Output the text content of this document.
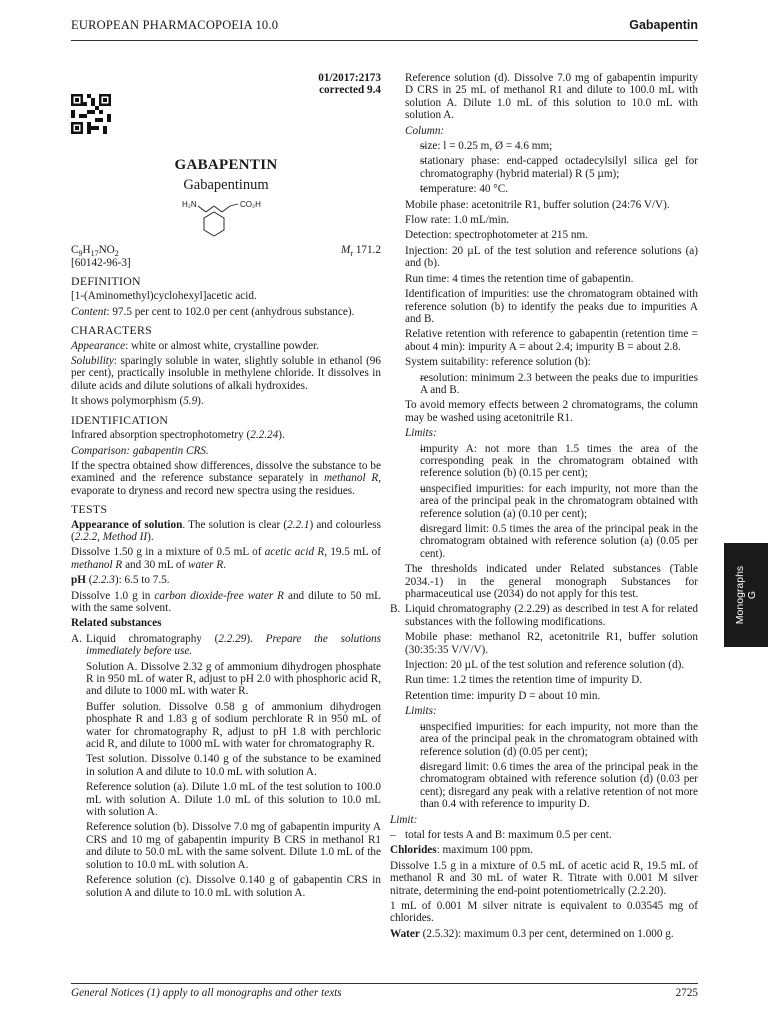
EUROPEAN PHARMACOPOEIA 10.0	Gabapentin
01/2017:2173
corrected 9.4
GABAPENTIN
Gabapentinum
H₂N	CO₂H
$C_9H_{17}NO_2$	$M_r$ 171.2
[60142-96-3]
DEFINITION
[1-(Aminomethyl)cyclohexyl]acetic acid.
Content: 97.5 per cent to 102.0 per cent (anhydrous substance).
CHARACTERS
Appearance: white or almost white, crystalline powder.
Solubility: sparingly soluble in water, slightly soluble in ethanol (96 per cent), practically insoluble in methylene chloride. It dissolves in dilute acids and dilute solutions of alkali hydroxides.
It shows polymorphism (5.9).
IDENTIFICATION
Infrared absorption spectrophotometry (2.2.24).
Comparison: gabapentin CRS.
If the spectra obtained show differences, dissolve the substance to be examined and the reference substance separately in methanol R, evaporate to dryness and record new spectra using the residues.
TESTS
Appearance of solution. The solution is clear (2.2.1) and colourless (2.2.2, Method II).
Dissolve 1.50 g in a mixture of 0.5 mL of acetic acid R, 19.5 mL of methanol R and 30 mL of water R.
pH (2.2.3): 6.5 to 7.5.
Dissolve 1.0 g in carbon dioxide-free water R and dilute to 50 mL with the same solvent.
Related substances
A. Liquid chromatography (2.2.29). Prepare the solutions immediately before use.
Solution A. Dissolve 2.32 g of ammonium dihydrogen phosphate R in 950 mL of water R, adjust to pH 2.0 with phosphoric acid R, and dilute to 1000 mL with water R.
Buffer solution. Dissolve 0.58 g of ammonium dihydrogen phosphate R and 1.83 g of sodium perchlorate R in 950 mL of water for chromatography R, adjust to pH 1.8 with perchloric acid R, and dilute to 1000 mL with water for chromatography R.
Test solution. Dissolve 0.140 g of the substance to be examined in solution A and dilute to 10.0 mL with solution A.
Reference solution (a). Dilute 1.0 mL of the test solution to 100.0 mL with solution A. Dilute 1.0 mL of this solution to 10.0 mL with solution A.
Reference solution (b). Dissolve 7.0 mg of gabapentin impurity A CRS and 10 mg of gabapentin impurity B CRS in methanol R1 and dilute to 50.0 mL with the same solvent. Dilute 1.0 mL of the solution to 10.0 mL with solution A.
Reference solution (c). Dissolve 0.140 g of gabapentin CRS in solution A and dilute to 10.0 mL with solution A.
Reference solution (d). Dissolve 7.0 mg of gabapentin impurity D CRS in 25 mL of methanol R1 and dilute to 100.0 mL with solution A. Dilute 1.0 mL of this solution to 10.0 mL with solution A.
Column:
– size: l = 0.25 m, Ø = 4.6 mm;
– stationary phase: end-capped octadecylsilyl silica gel for chromatography (hybrid material) R (5 µm);
– temperature: 40 °C.
Mobile phase: acetonitrile R1, buffer solution (24:76 V/V).
Flow rate: 1.0 mL/min.
Detection: spectrophotometer at 215 nm.
Injection: 20 µL of the test solution and reference solutions (a) and (b).
Run time: 4 times the retention time of gabapentin.
Identification of impurities: use the chromatogram obtained with reference solution (b) to identify the peaks due to impurities A and B.
Relative retention with reference to gabapentin (retention time = about 4 min): impurity A = about 2.4; impurity B = about 2.8.
System suitability: reference solution (b):
– resolution: minimum 2.3 between the peaks due to impurities A and B.
To avoid memory effects between 2 chromatograms, the column may be washed using acetonitrile R1.
Limits:
– impurity A: not more than 1.5 times the area of the corresponding peak in the chromatogram obtained with reference solution (b) (0.15 per cent);
– unspecified impurities: for each impurity, not more than the area of the principal peak in the chromatogram obtained with reference solution (a) (0.10 per cent);
– disregard limit: 0.5 times the area of the principal peak in the chromatogram obtained with reference solution (a) (0.05 per cent).
The thresholds indicated under Related substances (Table 2034.-1) in the general monograph Substances for pharmaceutical use (2034) do not apply for this test.
B. Liquid chromatography (2.2.29) as described in test A for related substances with the following modifications.
Mobile phase: methanol R2, acetonitrile R1, buffer solution (30:35:35 V/V/V).
Injection: 20 µL of the test solution and reference solution (d).
Run time: 1.2 times the retention time of impurity D.
Retention time: impurity D = about 10 min.
Limits:
– unspecified impurities: for each impurity, not more than the area of the principal peak in the chromatogram obtained with reference solution (d) (0.05 per cent);
– disregard limit: 0.6 times the area of the principal peak in the chromatogram obtained with reference solution (d) (0.03 per cent); disregard any peak with a relative retention of not more than 0.4 with reference to impurity D.
Limit:
– total for tests A and B: maximum 0.5 per cent.
Chlorides: maximum 100 ppm.
Dissolve 1.5 g in a mixture of 0.5 mL of acetic acid R, 19.5 mL of methanol R and 30 mL of water R. Titrate with 0.001 M silver nitrate, determining the end-point potentiometrically (2.2.20).
1 mL of 0.001 M silver nitrate is equivalent to 0.03545 mg of chlorides.
Water (2.5.32): maximum 0.3 per cent, determined on 1.000 g.
Monographs G
General Notices (1) apply to all monographs and other texts	2725
